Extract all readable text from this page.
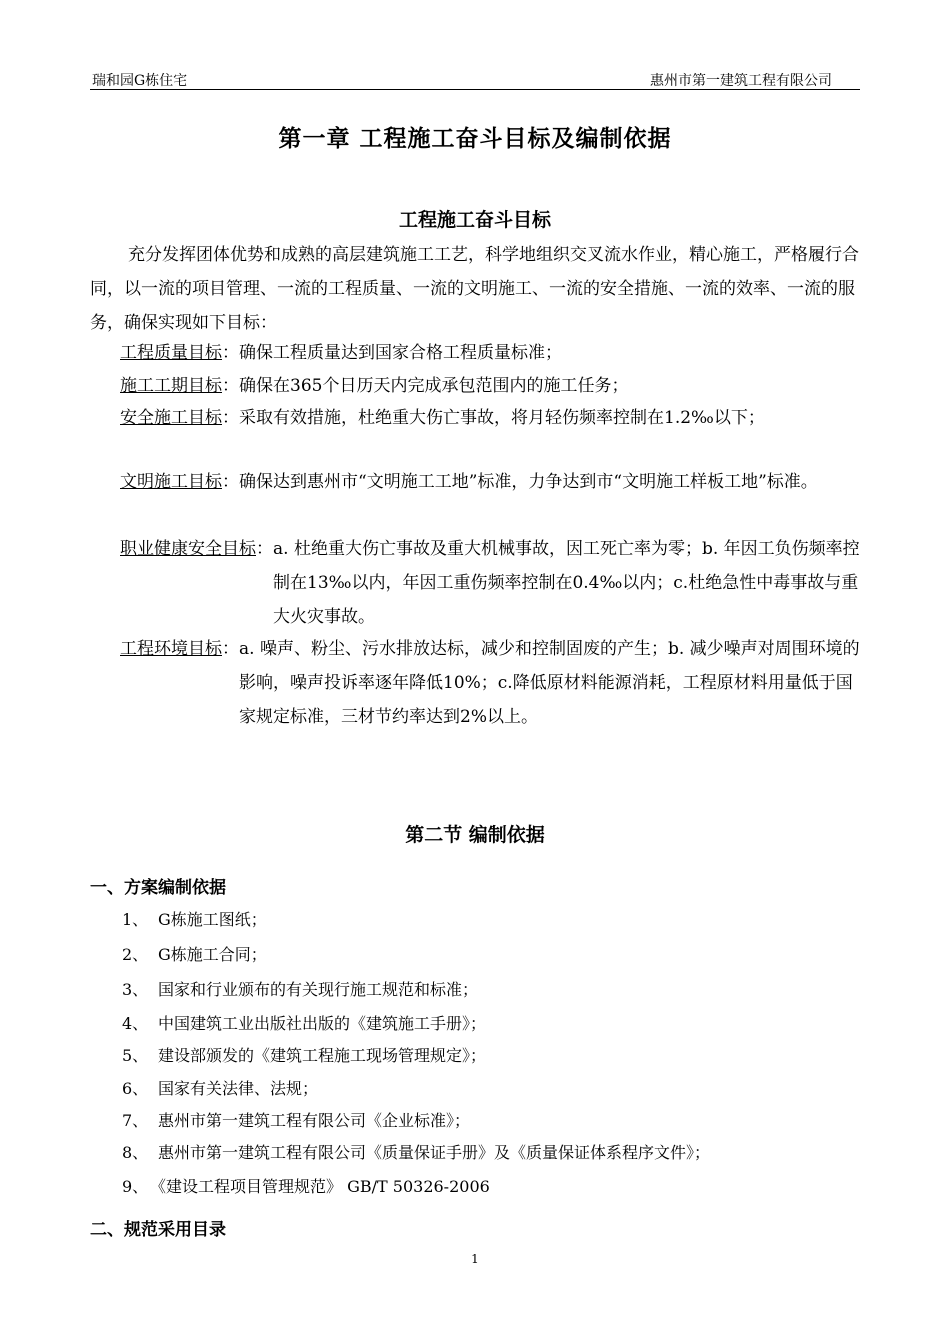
瑞和园G栋住宅	惠州市第一建筑工程有限公司
第一章 工程施工奋斗目标及编制依据
工程施工奋斗目标
充分发挥团体优势和成熟的高层建筑施工工艺，科学地组织交叉流水作业，精心施工，严格履行合同，以一流的项目管理、一流的工程质量、一流的文明施工、一流的安全措施、一流的效率、一流的服务，确保实现如下目标：
工程质量目标： 确保工程质量达到国家合格工程质量标准；
施工工期目标： 确保在365个日历天内完成承包范围内的施工任务；
安全施工目标： 采取有效措施，杜绝重大伤亡事故，将月轻伤频率控制在1.2‰以下；
文明施工目标： 确保达到惠州市“文明施工工地”标准，力争达到市“文明施工样板工地”标准。
职业健康安全目标： a. 杜绝重大伤亡事故及重大机械事故，因工死亡率为零；b. 年因工负伤频率控制在13‰以内，年因工重伤频率控制在0.4‰以内；c.杜绝急性中毒事故与重大火灾事故。
工程环境目标： a. 噪声、粉尘、污水排放达标，减少和控制固废的产生；b. 减少噪声对周围环境的影响，噪声投诉率逐年降低10%；c.降低原材料能源消耗，工程原材料用量低于国家规定标准，三材节约率达到2%以上。
第二节 编制依据
一、方案编制依据
1、 G栋施工图纸；
2、 G栋施工合同；
3、 国家和行业颁布的有关现行施工规范和标准；
4、 中国建筑工业出版社出版的《建筑施工手册》；
5、 建设部颁发的《建筑工程施工现场管理规定》；
6、 国家有关法律、法规；
7、 惠州市第一建筑工程有限公司《企业标准》；
8、 惠州市第一建筑工程有限公司《质量保证手册》及《质量保证体系程序文件》；
9、 《建设工程项目管理规范》 GB/T 50326-2006
二、规范采用目录
1
